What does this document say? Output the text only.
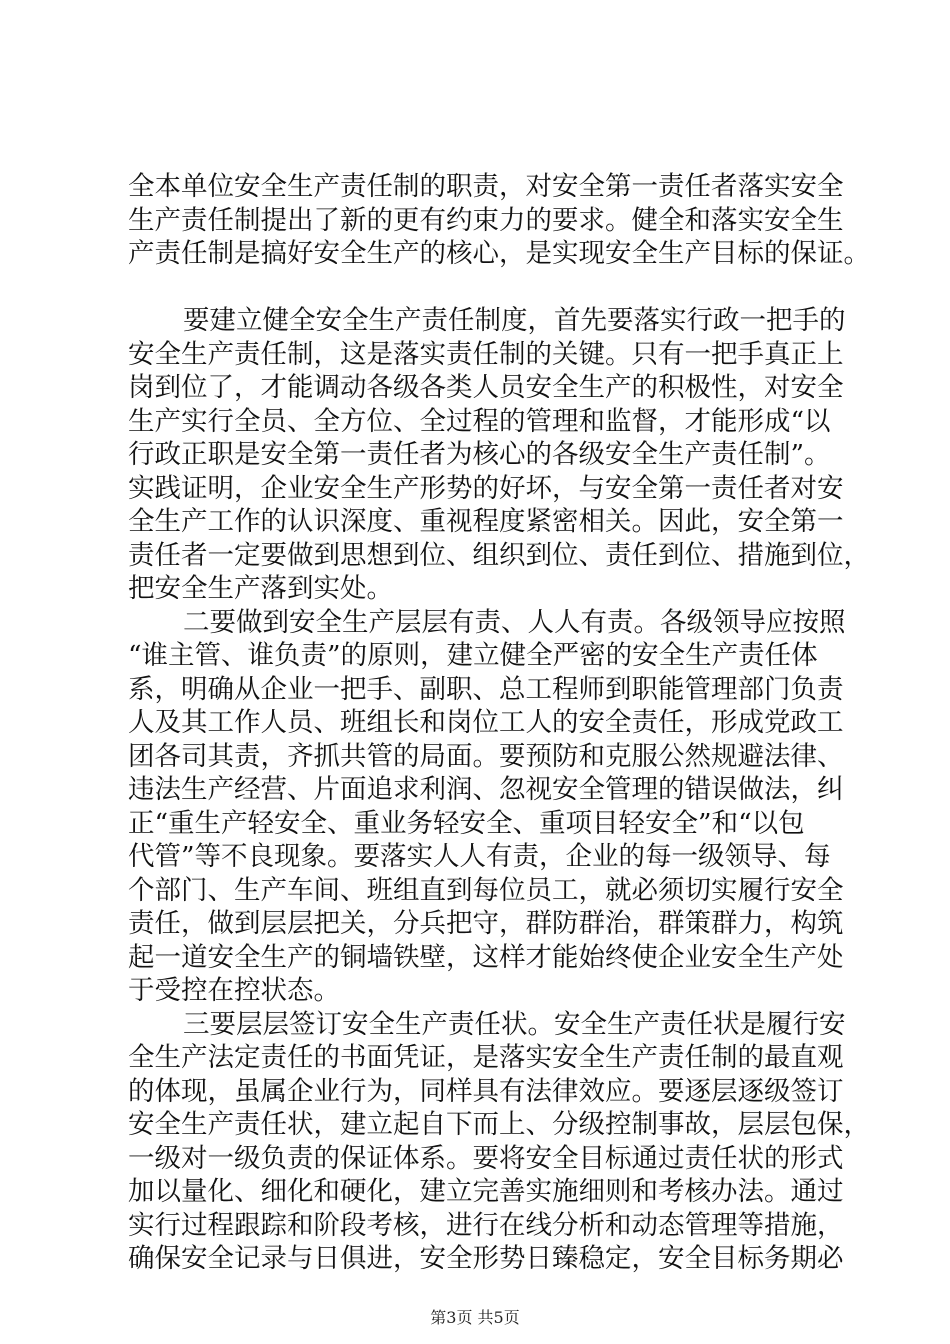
全本单位安全生产责任制的职责，对安全第一责任者落实安全
生产责任制提出了新的更有约束力的要求。健全和落实安全生
产责任制是搞好安全生产的核心，是实现安全生产目标的保证。
要建立健全安全生产责任制度，首先要落实行政一把手的
安全生产责任制，这是落实责任制的关键。只有一把手真正上
岗到位了，才能调动各级各类人员安全生产的积极性，对安全
生产实行全员、全方位、全过程的管理和监督，才能形成“以
行政正职是安全第一责任者为核心的各级安全生产责任制”。
实践证明，企业安全生产形势的好坏，与安全第一责任者对安
全生产工作的认识深度、重视程度紧密相关。因此，安全第一
责任者一定要做到思想到位、组织到位、责任到位、措施到位，
把安全生产落到实处。
二要做到安全生产层层有责、人人有责。各级领导应按照
“谁主管、谁负责”的原则，建立健全严密的安全生产责任体
系，明确从企业一把手、副职、总工程师到职能管理部门负责
人及其工作人员、班组长和岗位工人的安全责任，形成党政工
团各司其责，齐抓共管的局面。要预防和克服公然规避法律、
违法生产经营、片面追求利润、忽视安全管理的错误做法，纠
正“重生产轻安全、重业务轻安全、重项目轻安全”和“以包
代管”等不良现象。要落实人人有责，企业的每一级领导、每
个部门、生产车间、班组直到每位员工，就必须切实履行安全
责任，做到层层把关，分兵把守，群防群治，群策群力，构筑
起一道安全生产的铜墙铁壁，这样才能始终使企业安全生产处
于受控在控状态。
三要层层签订安全生产责任状。安全生产责任状是履行安
全生产法定责任的书面凭证，是落实安全生产责任制的最直观
的体现，虽属企业行为，同样具有法律效应。要逐层逐级签订
安全生产责任状，建立起自下而上、分级控制事故，层层包保，
一级对一级负责的保证体系。要将安全目标通过责任状的形式
加以量化、细化和硬化，建立完善实施细则和考核办法。通过
实行过程跟踪和阶段考核，进行在线分析和动态管理等措施，
确保安全记录与日俱进，安全形势日臻稳定，安全目标务期必
第3页 共5页
